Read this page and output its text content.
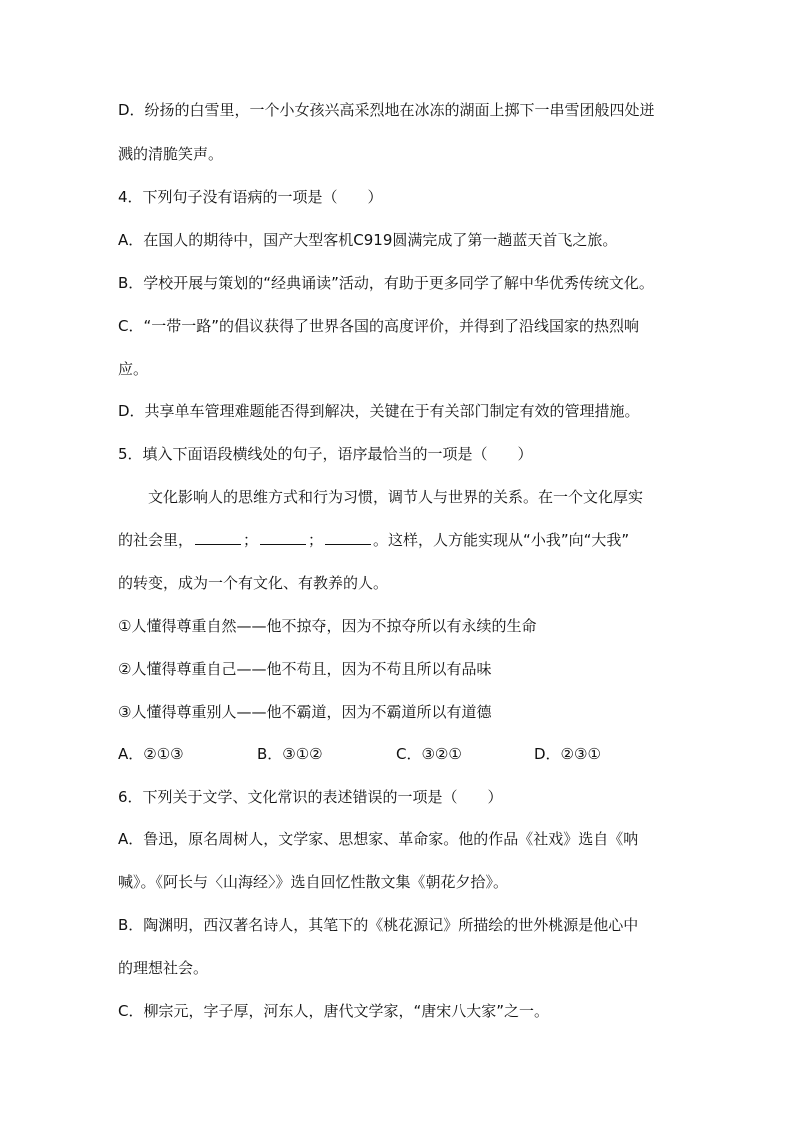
D．纷扬的白雪里，一个小女孩兴高采烈地在冰冻的湖面上掷下一串雪团般四处迸
溅的清脆笑声。
4．下列句子没有语病的一项是（　　）
A．在国人的期待中，国产大型客机C919圆满完成了第一趟蓝天首飞之旅。
B．学校开展与策划的“经典诵读”活动，有助于更多同学了解中华优秀传统文化。
C．“一带一路”的倡议获得了世界各国的高度评价，并得到了沿线国家的热烈响
应。
D．共享单车管理难题能否得到解决，关键在于有关部门制定有效的管理措施。
5．填入下面语段横线处的句子，语序最恰当的一项是（　　）
文化影响人的思维方式和行为习惯，调节人与世界的关系。在一个文化厚实
的社会里，	；	；	。这样，人方能实现从“小我”向“大我”
的转变，成为一个有文化、有教养的人。
①人懂得尊重自然——他不掠夺，因为不掠夺所以有永续的生命
②人懂得尊重自己——他不苟且，因为不苟且所以有品味
③人懂得尊重别人——他不霸道，因为不霸道所以有道德
A．②①③	B．③①②	C．③②①	D．②③①
6．下列关于文学、文化常识的表述错误的一项是（　　）
A．鲁迅，原名周树人，文学家、思想家、革命家。他的作品《社戏》选自《呐
喊》。《阿长与〈山海经〉》选自回忆性散文集《朝花夕拾》。
B．陶渊明，西汉著名诗人，其笔下的《桃花源记》所描绘的世外桃源是他心中
的理想社会。
C．柳宗元，字子厚，河东人，唐代文学家，“唐宋八大家”之一。
